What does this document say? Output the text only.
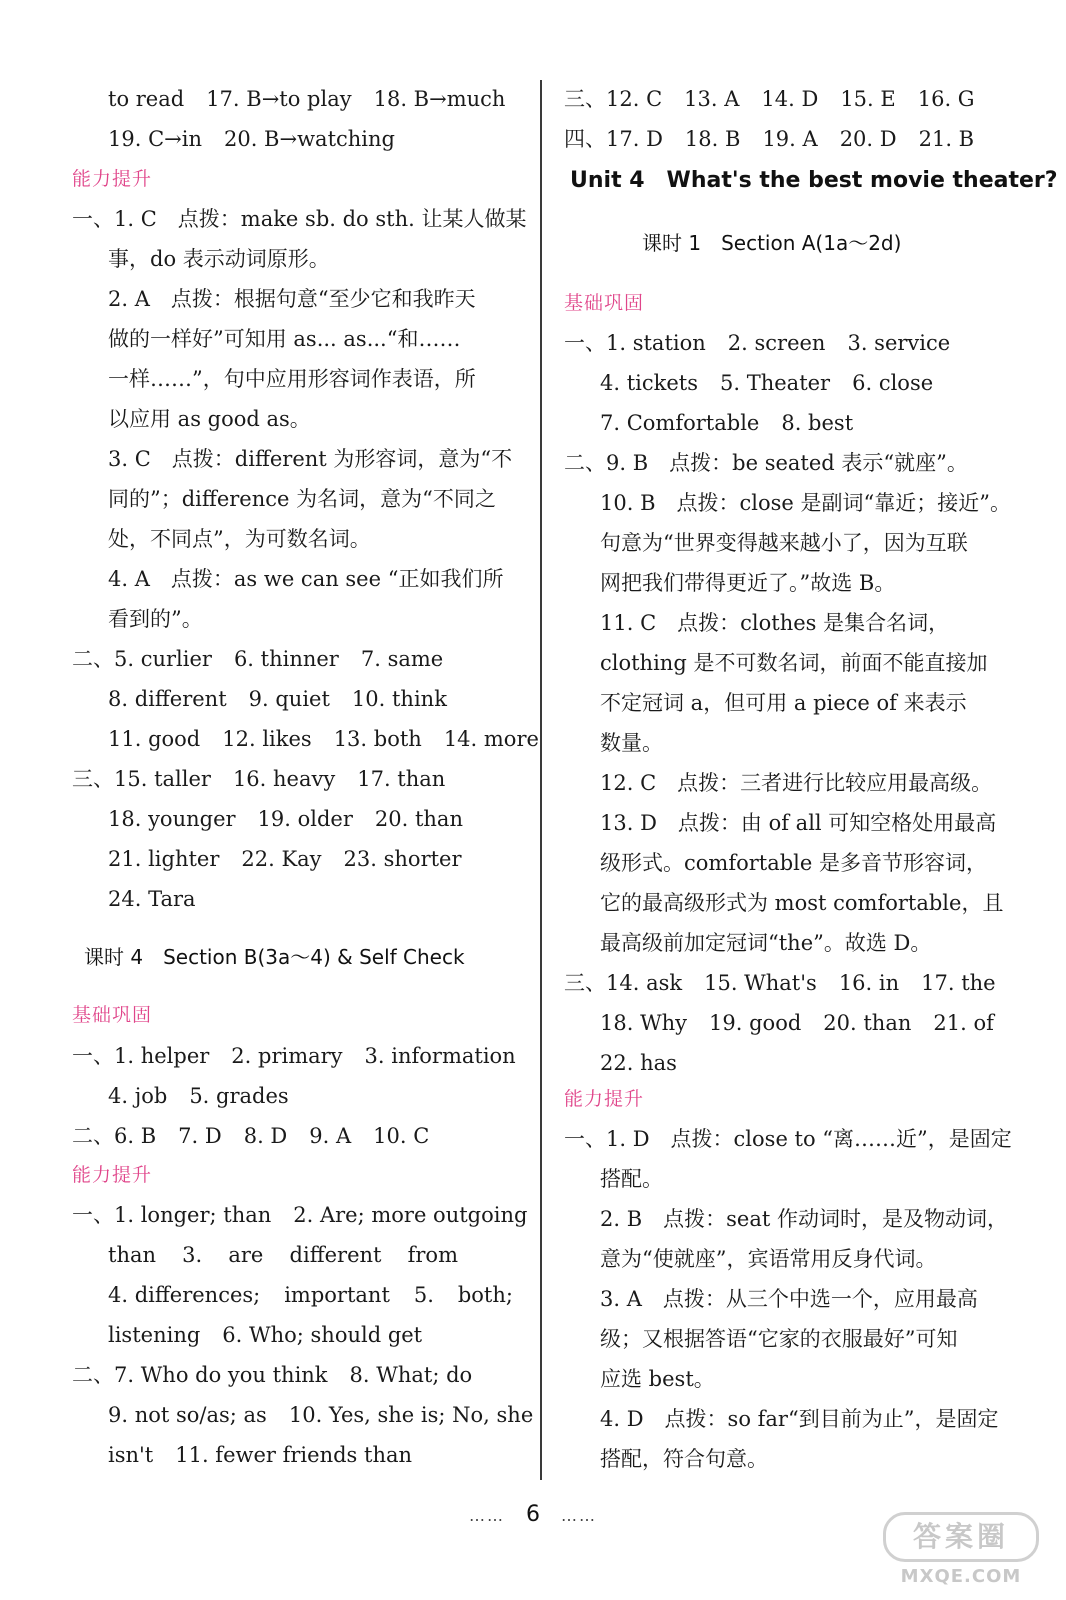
to read 17. B→to play 18. B→much
19. C→in 20. B→watching
能力提升
一、1. C　点拨：make sb. do sth. 让某人做某
事，do 表示动词原形。
2. A　点拨：根据句意“至少它和我昨天
做的一样好”可知用 as... as...“和……
一样……”，句中应用形容词作表语，所
以应用 as good as。
3. C　点拨：different 为形容词，意为“不
同的”；difference 为名词，意为“不同之
处，不同点”，为可数名词。
4. A　点拨：as we can see “正如我们所
看到的”。
二、5. curlier 6. thinner 7. same
8. different 9. quiet 10. think
11. good 12. likes 13. both 14. more
三、15. taller 16. heavy 17. than
18. younger 19. older 20. than
21. lighter 22. Kay 23. shorter
24. Tara
课时 4　Section B(3a～4) & Self Check
基础巩固
一、1. helper 2. primary 3. information
4. job 5. grades
二、6. B 7. D 8. D 9. A 10. C
能力提升
一、1. longer; than 2. Are; more outgoing
than 3. are different from
4. differences; important 5. both;
listening 6. Who; should get
二、7. Who do you think 8. What; do
9. not so/as; as 10. Yes, she is; No, she
isn't 11. fewer friends than
三、12. C 13. A 14. D 15. E 16. G
四、17. D 18. B 19. A 20. D 21. B
Unit 4　What's the best movie theater?
课时 1　Section A(1a～2d)
基础巩固
一、1. station 2. screen 3. service
4. tickets 5. Theater 6. close
7. Comfortable 8. best
二、9. B　点拨：be seated 表示“就座”。
10. B　点拨：close 是副词“靠近；接近”。
句意为“世界变得越来越小了，因为互联
网把我们带得更近了。”故选 B。
11. C　点拨：clothes 是集合名词，
clothing 是不可数名词，前面不能直接加
不定冠词 a，但可用 a piece of 来表示
数量。
12. C　点拨：三者进行比较应用最高级。
13. D　点拨：由 of all 可知空格处用最高
级形式。comfortable 是多音节形容词，
它的最高级形式为 most comfortable，且
最高级前加定冠词“the”。故选 D。
三、14. ask 15. What's 16. in 17. the
18. Why 19. good 20. than 21. of
22. has
能力提升
一、1. D　点拨：close to “离……近”，是固定
搭配。
2. B　点拨：seat 作动词时，是及物动词，
意为“使就座”，宾语常用反身代词。
3. A　点拨：从三个中选一个，应用最高
级；又根据答语“它家的衣服最好”可知
应选 best。
4. D　点拨：so far“到目前为止”，是固定
搭配，符合句意。
…… 6 ……
答案圈
MXQE.COM
